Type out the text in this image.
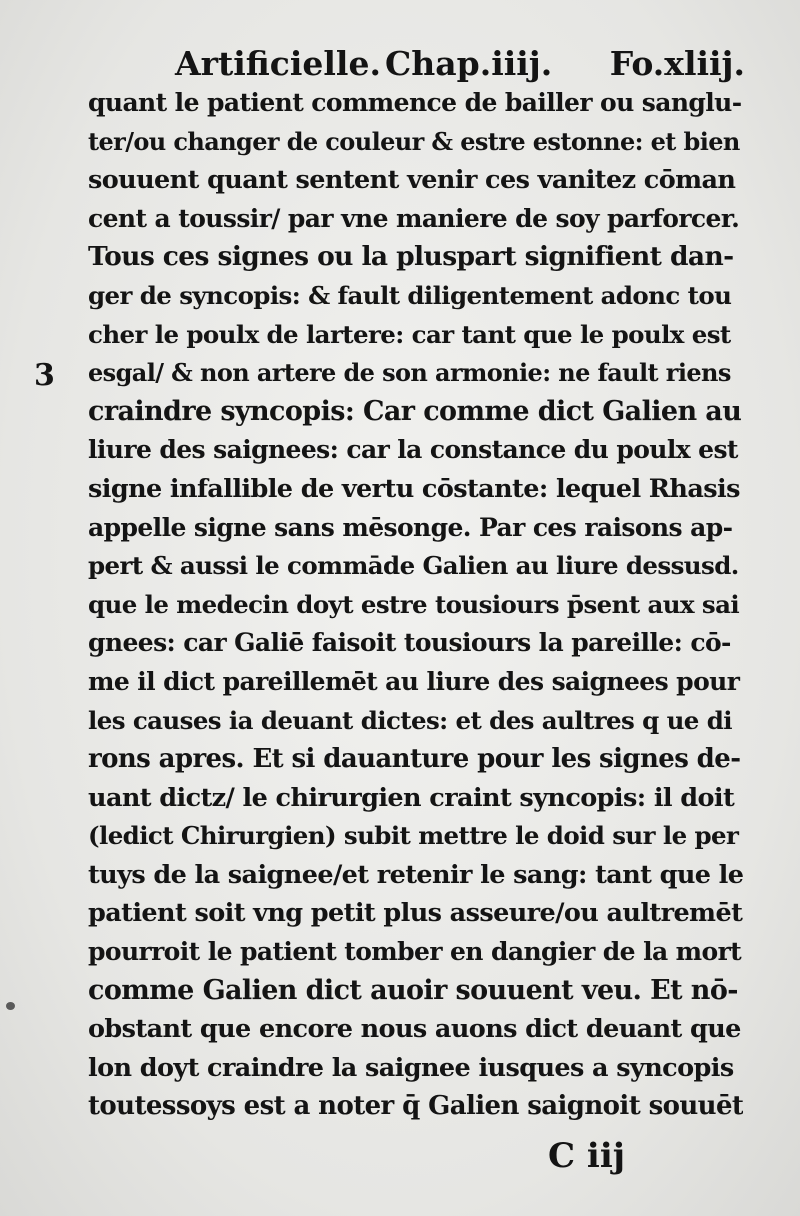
Artificielle. Chap.iiij. Fo.xliij.
3
quant le patient commence de bailler ou sanglu-
ter/ou changer de couleur & estre estonne: et bien
souuent quant sentent venir ces vanitez cōman
cent a toussir/ par vne maniere de soy parforcer.
Tous ces signes ou la pluspart signifient dan-
ger de syncopis: & fault diligentement adonc tou
cher le poulx de lartere: car tant que le poulx est
esgal/ & non artere de son armonie: ne fault riens
craindre syncopis: Car comme dict Galien au
liure des saignees: car la constance du poulx est
signe infallible de vertu cōstante: lequel Rhasis
appelle signe sans mēsonge. Par ces raisons ap-
pert & aussi le commāde Galien au liure dessusd.
que le medecin doyt estre tousiours p̄sent aux sai
gnees: car Galiē faisoit tousiours la pareille: cō-
me il dict pareillemēt au liure des saignees pour
les causes ia deuant dictes: et des aultres q ue di
rons apres. Et si dauanture pour les signes de-
uant dictz/ le chirurgien craint syncopis: il doit
(ledict Chirurgien) subit mettre le doid sur le per
tuys de la saignee/et retenir le sang: tant que le
patient soit vng petit plus asseure/ou aultremēt
pourroit le patient tomber en dangier de la mort
comme Galien dict auoir souuent veu. Et nō-
obstant que encore nous auons dict deuant que
lon doyt craindre la saignee iusques a syncopis
toutessoys est a noter q̄ Galien saignoit souuēt
C iij
